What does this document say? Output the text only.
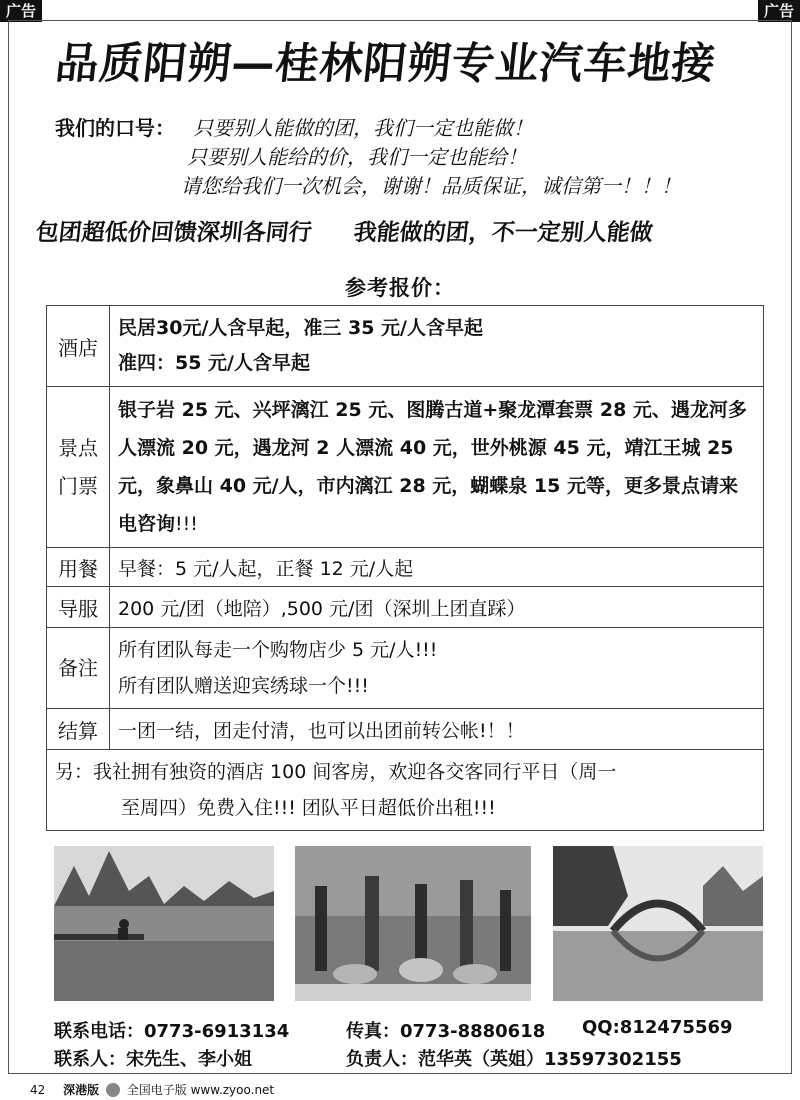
广告	广告
品质阳朔—桂林阳朔专业汽车地接
我们的口号： 只要别人能做的团，我们一定也能做！
只要别人能给的价，我们一定也能给！
请您给我们一次机会，谢谢！品质保证，诚信第一！！！
包团超低价回馈深圳各同行 我能做的团，不一定别人能做
参考报价：
酒店	民居30元/人含早起，准三 35 元/人含早起
准四：55 元/人含早起

景点
门票	银子岩 25 元、兴坪漓江 25 元、图腾古道+聚龙潭套票 28 元、遇龙河多人漂流 20 元，遇龙河 2 人漂流 40 元，世外桃源 45 元，靖江王城 25 元，象鼻山 40 元/人，市内漓江 28 元，蝴蝶泉 15 元等，更多景点请来电咨询!!!
用餐	早餐：5 元/人起，正餐 12 元/人起
导服	200 元/团（地陪）,500 元/团（深圳上团直踩）
备注	所有团队每走一个购物店少 5 元/人!!!
所有团队赠送迎宾绣球一个!!!

结算	一团一结，团走付清，也可以出团前转公帐!！！

另：我社拥有独资的酒店 100 间客房，欢迎各交客同行平日（周一
至周四）免费入住!!! 团队平日超低价出租!!!	
联系电话：0773-6913134	传真：0773-8880618 QQ:812475569
联系人：宋先生、李小姐	负责人：范华英（英姐）13597302155
42 深港版 全国电子版 www.zyoo.net
